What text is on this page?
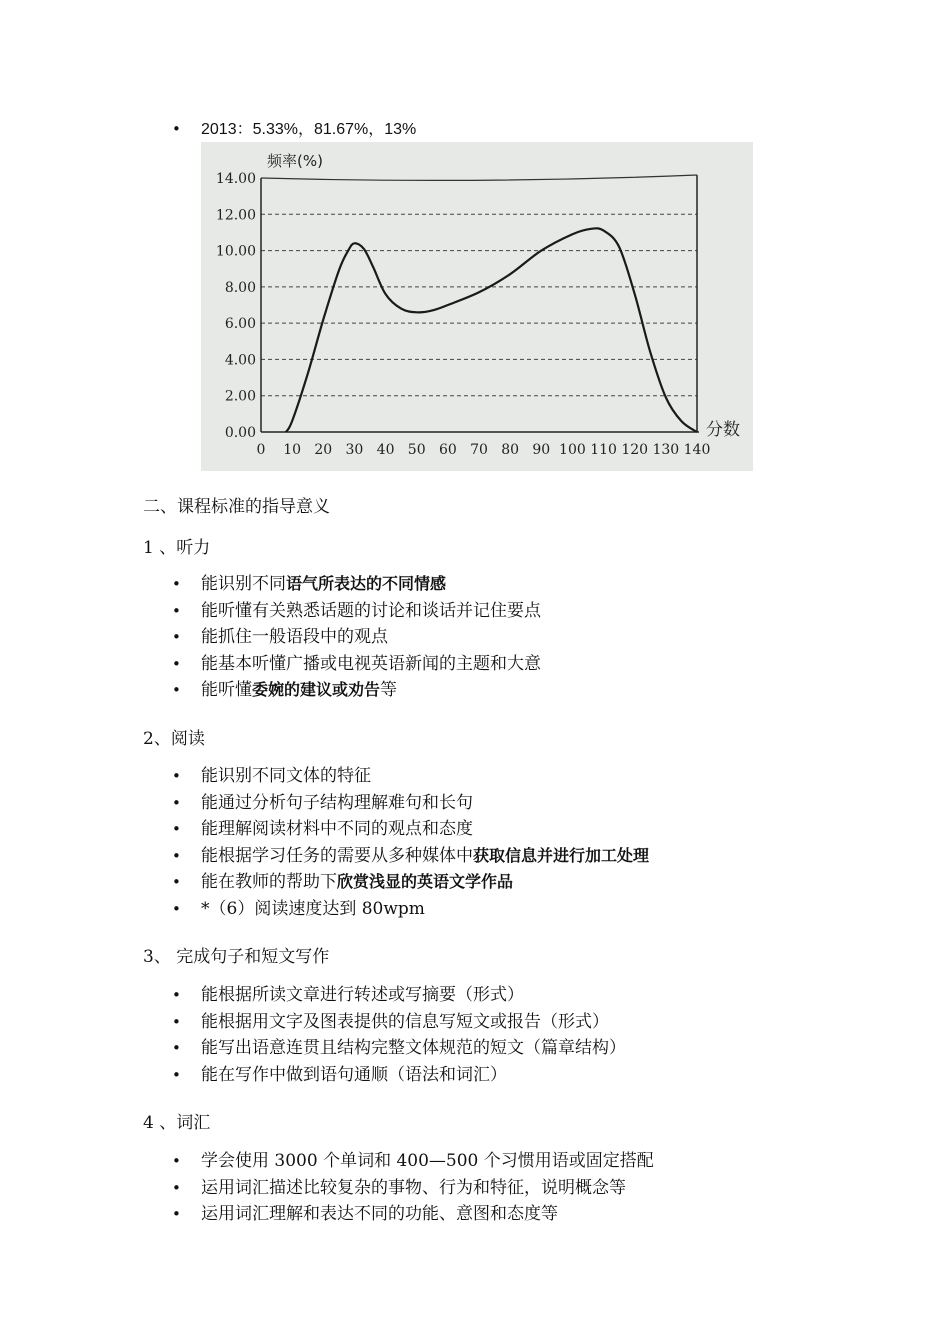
• 2013：5.33%，81.67%，13%
0.00
2.00
4.00
6.00
8.00
10.00
12.00
14.00
0 10 20 30 40 50 60 70 80 90 100 110 120 130 140
频率(%)
分数
二、课程标准的指导意义
1 、听力
• 能识别不同语气所表达的不同情感
• 能听懂有关熟悉话题的讨论和谈话并记住要点
• 能抓住一般语段中的观点
• 能基本听懂广播或电视英语新闻的主题和大意
• 能听懂委婉的建议或劝告等
2、阅读
• 能识别不同文体的特征
• 能通过分析句子结构理解难句和长句
• 能理解阅读材料中不同的观点和态度
• 能根据学习任务的需要从多种媒体中获取信息并进行加工处理
• 能在教师的帮助下欣赏浅显的英语文学作品
• *（6）阅读速度达到 80wpm
3、 完成句子和短文写作
• 能根据所读文章进行转述或写摘要（形式）
• 能根据用文字及图表提供的信息写短文或报告（形式）
• 能写出语意连贯且结构完整文体规范的短文（篇章结构）
• 能在写作中做到语句通顺（语法和词汇）
4 、词汇
• 学会使用 3000 个单词和 400—500 个习惯用语或固定搭配
• 运用词汇描述比较复杂的事物、行为和特征，说明概念等
• 运用词汇理解和表达不同的功能、意图和态度等
